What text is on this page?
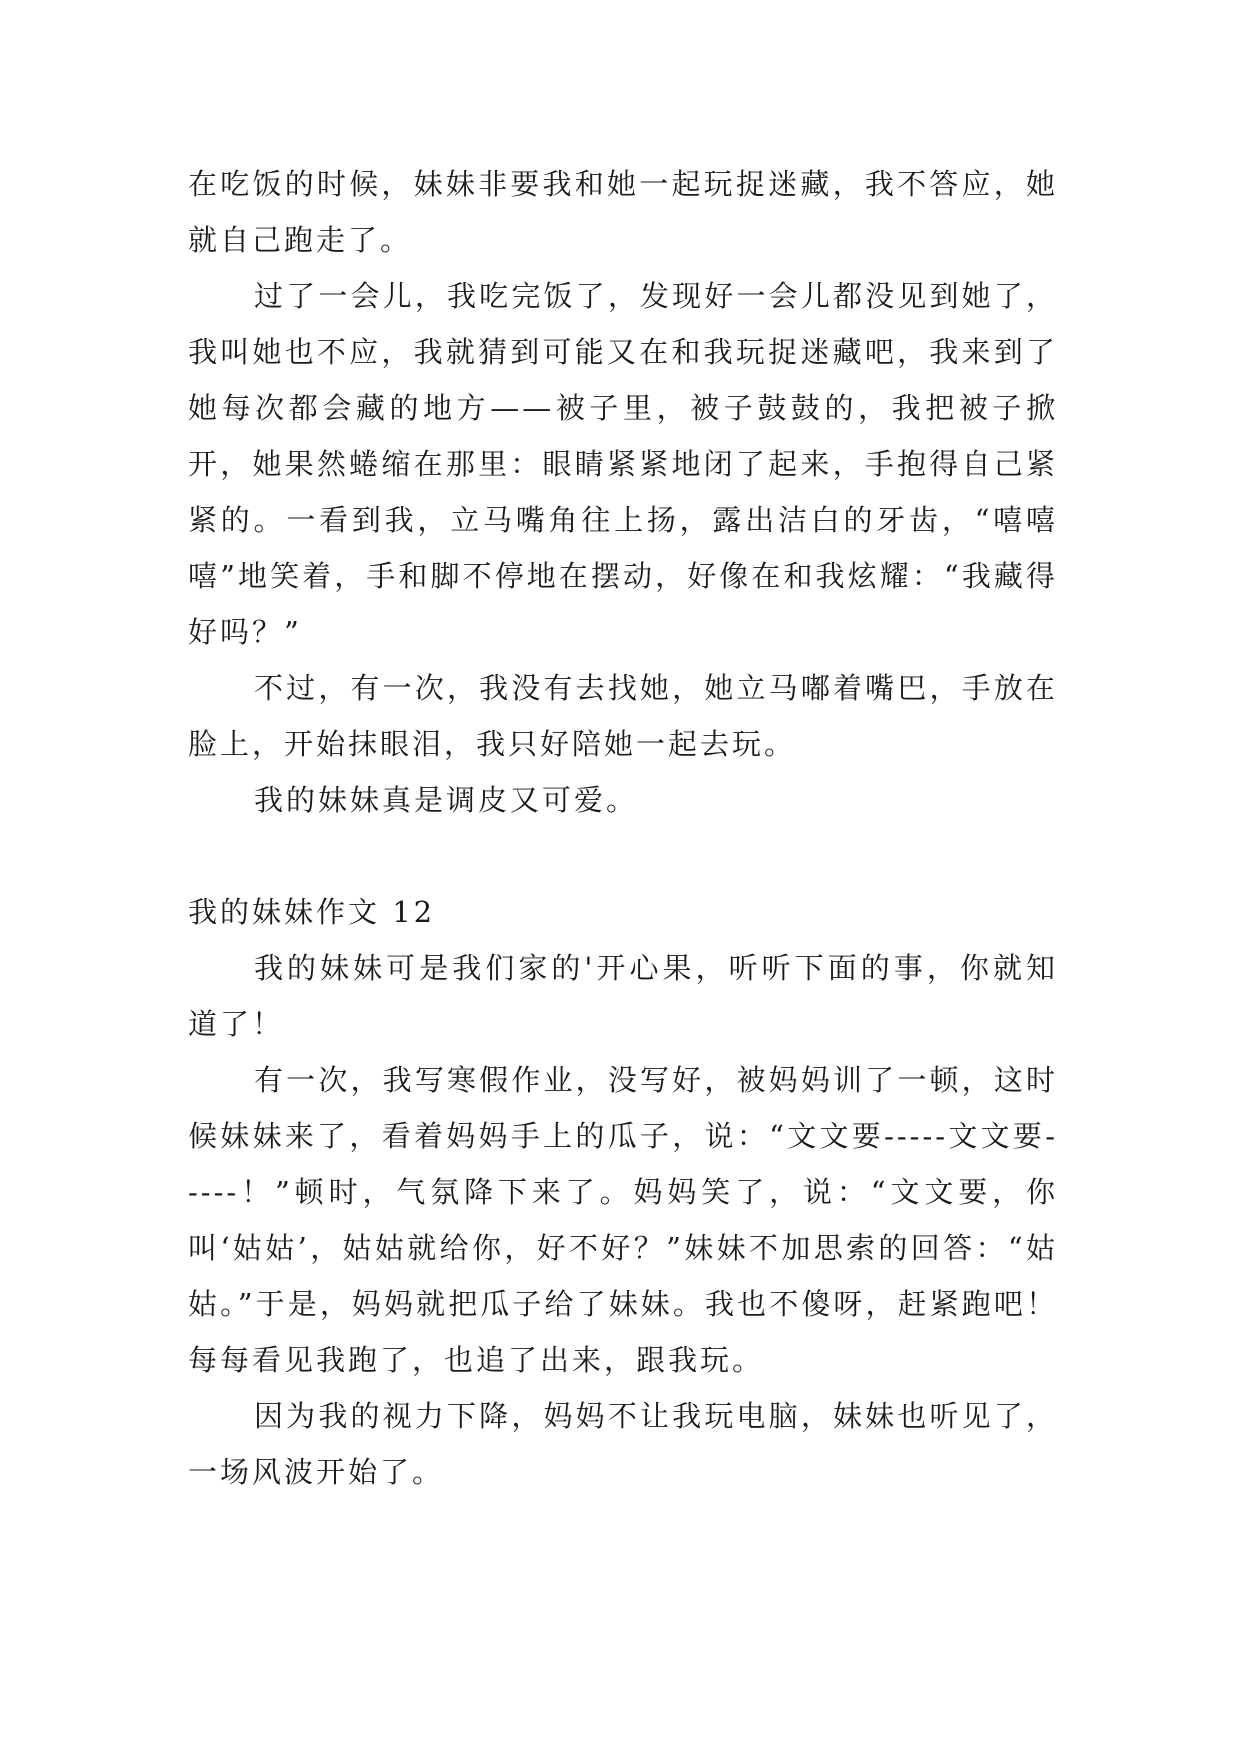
在吃饭的时候，妹妹非要我和她一起玩捉迷藏，我不答应，她就自己跑走了。

过了一会儿，我吃完饭了，发现好一会儿都没见到她了，我叫她也不应，我就猜到可能又在和我玩捉迷藏吧，我来到了她每次都会藏的地方——被子里，被子鼓鼓的，我把被子掀开，她果然蜷缩在那里：眼睛紧紧地闭了起来，手抱得自己紧紧的。一看到我，立马嘴角往上扬，露出洁白的牙齿，“嘻嘻嘻”地笑着，手和脚不停地在摆动，好像在和我炫耀：“我藏得好吗？”

不过，有一次，我没有去找她，她立马嘟着嘴巴，手放在脸上，开始抹眼泪，我只好陪她一起去玩。

我的妹妹真是调皮又可爱。

我的妹妹作文 12

我的妹妹可是我们家的'开心果，听听下面的事，你就知道了！

有一次，我写寒假作业，没写好，被妈妈训了一顿，这时候妹妹来了，看着妈妈手上的瓜子，说：“文文要-----文文要-----！”顿时，气氛降下来了。妈妈笑了，说：“文文要，你叫‘姑姑’，姑姑就给你，好不好？”妹妹不加思索的回答：“姑姑。”于是，妈妈就把瓜子给了妹妹。我也不傻呀，赶紧跑吧！每每看见我跑了，也追了出来，跟我玩。

因为我的视力下降，妈妈不让我玩电脑，妹妹也听见了，一场风波开始了。
